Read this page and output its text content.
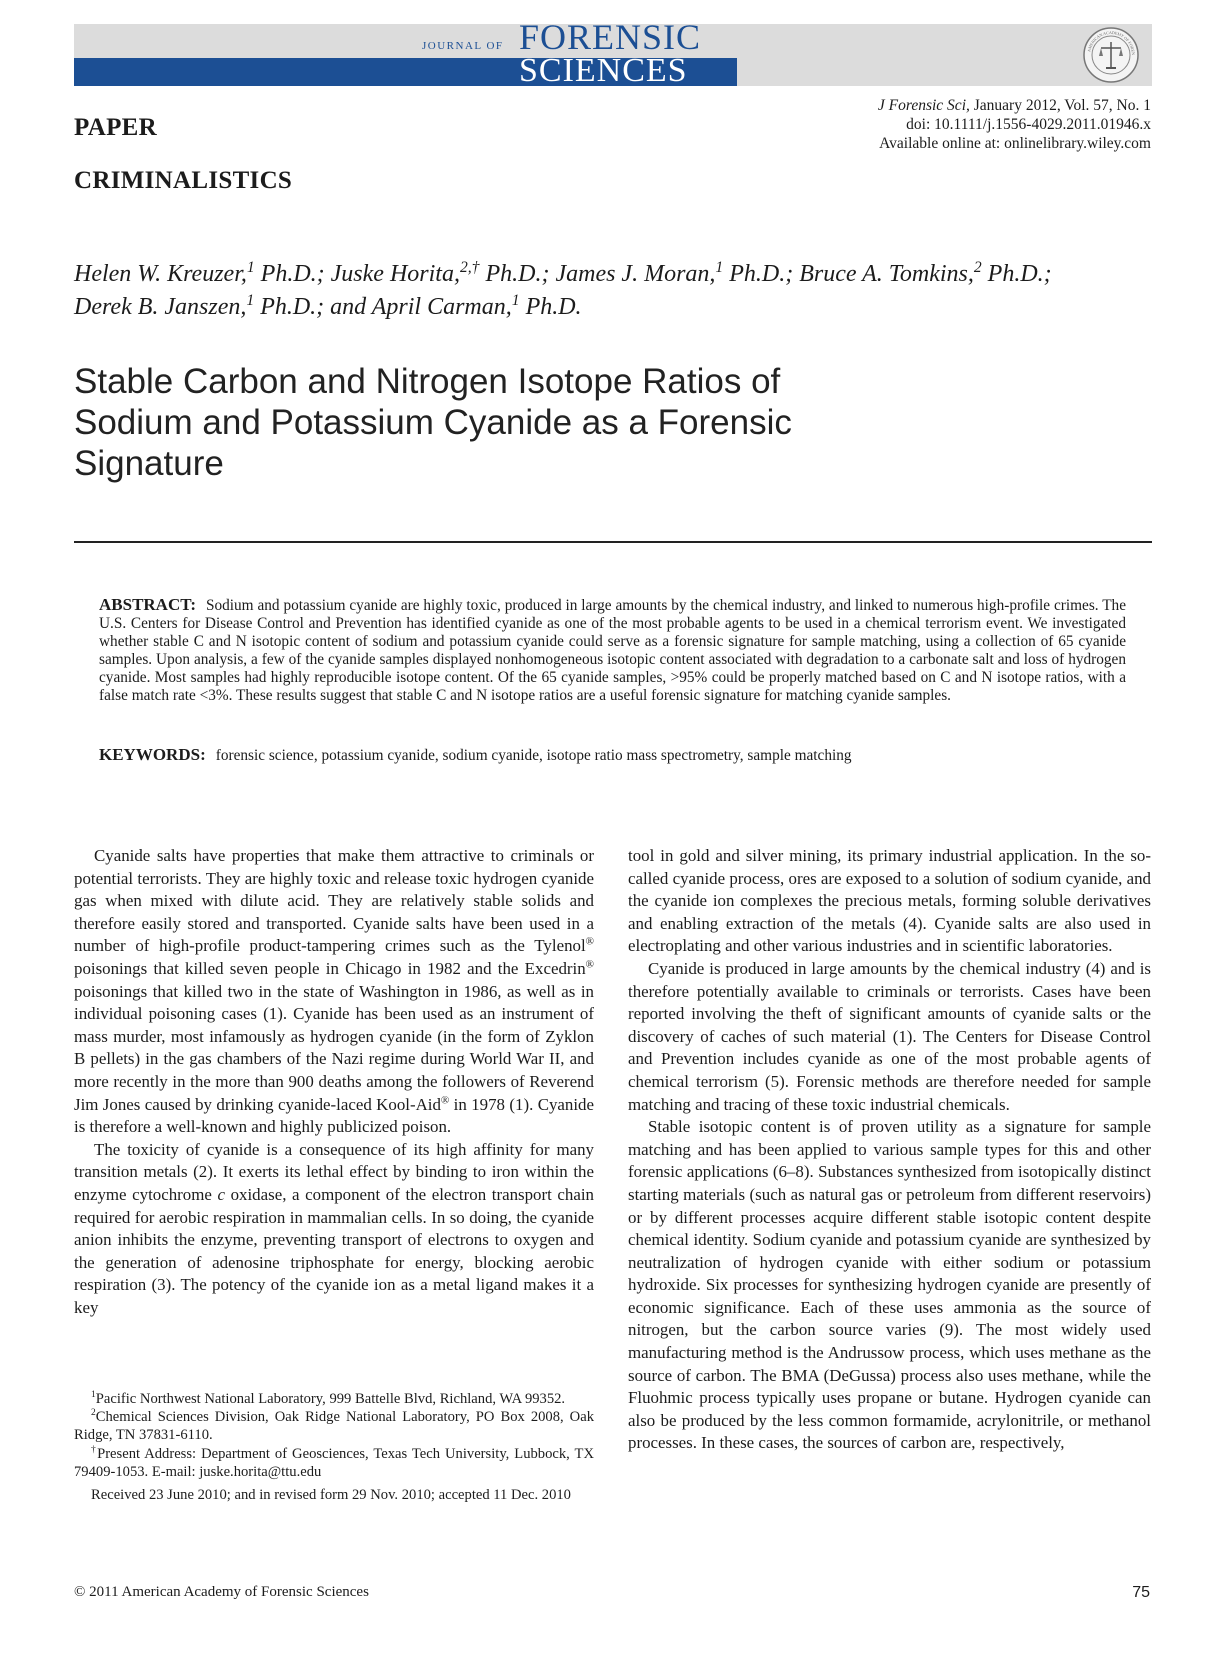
JOURNAL OF FORENSIC
SCIENCES
AMERICAN ACADEMY OF FOREN
J Forensic Sci, January 2012, Vol. 57, No. 1
doi: 10.1111/j.1556-4029.2011.01946.x
Available online at: onlinelibrary.wiley.com
PAPER
CRIMINALISTICS
Helen W. Kreuzer,$^1$ Ph.D.; Juske Horita,$^{2,\dagger}$ Ph.D.; James J. Moran,$^1$ Ph.D.; Bruce A. Tomkins,$^2$ Ph.D.;
Derek B. Janszen,$^1$ Ph.D.; and April Carman,$^1$ Ph.D.
Stable Carbon and Nitrogen Isotope Ratios of Sodium and Potassium Cyanide as a Forensic Signature
ABSTRACT: Sodium and potassium cyanide are highly toxic, produced in large amounts by the chemical industry, and linked to numerous high-profile crimes. The U.S. Centers for Disease Control and Prevention has identified cyanide as one of the most probable agents to be used in a chemical terrorism event. We investigated whether stable C and N isotopic content of sodium and potassium cyanide could serve as a forensic signature for sample matching, using a collection of 65 cyanide samples. Upon analysis, a few of the cyanide samples displayed nonhomogeneous isotopic content associated with degradation to a carbonate salt and loss of hydrogen cyanide. Most samples had highly reproducible isotope content. Of the 65 cyanide samples, >95% could be properly matched based on C and N isotope ratios, with a false match rate <3%. These results suggest that stable C and N isotope ratios are a useful forensic signature for matching cyanide samples.
KEYWORDS: forensic science, potassium cyanide, sodium cyanide, isotope ratio mass spectrometry, sample matching

Cyanide salts have properties that make them attractive to criminals or potential terrorists. They are highly toxic and release toxic hydrogen cyanide gas when mixed with dilute acid. They are relatively stable solids and therefore easily stored and transported. Cyanide salts have been used in a number of high-profile product-tampering crimes such as the Tylenol® poisonings that killed seven people in Chicago in 1982 and the Excedrin® poisonings that killed two in the state of Washington in 1986, as well as in individual poisoning cases (1). Cyanide has been used as an instrument of mass murder, most infamously as hydrogen cyanide (in the form of Zyklon B pellets) in the gas chambers of the Nazi regime during World War II, and more recently in the more than 900 deaths among the followers of Reverend Jim Jones caused by drinking cyanide-laced Kool-Aid® in 1978 (1). Cyanide is therefore a well-known and highly publicized poison.

The toxicity of cyanide is a consequence of its high affinity for many transition metals (2). It exerts its lethal effect by binding to iron within the enzyme cytochrome c oxidase, a component of the electron transport chain required for aerobic respiration in mammalian cells. In so doing, the cyanide anion inhibits the enzyme, preventing transport of electrons to oxygen and the generation of adenosine triphosphate for energy, blocking aerobic respiration (3). The potency of the cyanide ion as a metal ligand makes it a key

$^1$Pacific Northwest National Laboratory, 999 Battelle Blvd, Richland, WA 99352.

$^2$Chemical Sciences Division, Oak Ridge National Laboratory, PO Box 2008, Oak Ridge, TN 37831-6110.

†Present Address: Department of Geosciences, Texas Tech University, Lubbock, TX 79409-1053. E-mail: juske.horita@ttu.edu

Received 23 June 2010; and in revised form 29 Nov. 2010; accepted 11 Dec. 2010

tool in gold and silver mining, its primary industrial application. In the so-called cyanide process, ores are exposed to a solution of sodium cyanide, and the cyanide ion complexes the precious metals, forming soluble derivatives and enabling extraction of the metals (4). Cyanide salts are also used in electroplating and other various industries and in scientific laboratories.

Cyanide is produced in large amounts by the chemical industry (4) and is therefore potentially available to criminals or terrorists. Cases have been reported involving the theft of significant amounts of cyanide salts or the discovery of caches of such material (1). The Centers for Disease Control and Prevention includes cyanide as one of the most probable agents of chemical terrorism (5). Forensic methods are therefore needed for sample matching and tracing of these toxic industrial chemicals.

Stable isotopic content is of proven utility as a signature for sample matching and has been applied to various sample types for this and other forensic applications (6–8). Substances synthesized from isotopically distinct starting materials (such as natural gas or petroleum from different reservoirs) or by different processes acquire different stable isotopic content despite chemical identity. Sodium cyanide and potassium cyanide are synthesized by neutralization of hydrogen cyanide with either sodium or potassium hydroxide. Six processes for synthesizing hydrogen cyanide are presently of economic significance. Each of these uses ammonia as the source of nitrogen, but the carbon source varies (9). The most widely used manufacturing method is the Andrussow process, which uses methane as the source of carbon. The BMA (DeGussa) process also uses methane, while the Fluohmic process typically uses propane or butane. Hydrogen cyanide can also be produced by the less common formamide, acrylonitrile, or methanol processes. In these cases, the sources of carbon are, respectively,

© 2011 American Academy of Forensic Sciences	75
